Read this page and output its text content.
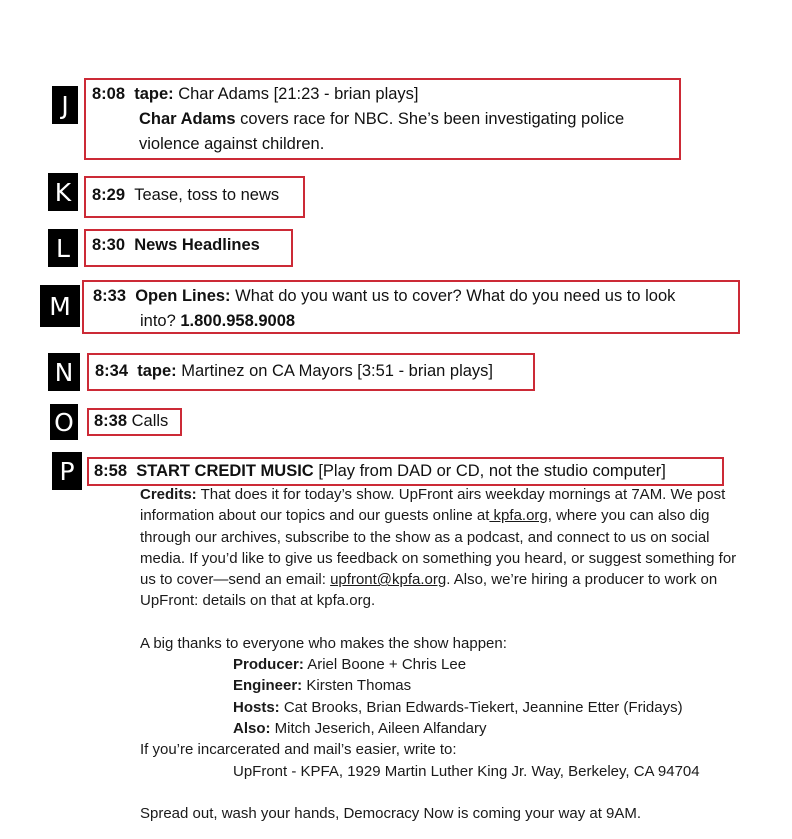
J	8:08 tape: Char Adams [21:23 - brian plays]
Char Adams covers race for NBC. She’s been investigating police
violence against children.
K	8:29 Tease, toss to news
L	8:30 News Headlines
M	8:33 Open Lines: What do you want us to cover? What do you need us to look
into? 1.800.958.9008
N	8:34 tape: Martinez on CA Mayors [3:51 - brian plays]
O 8:38 Calls
P	8:58 START CREDIT MUSIC [Play from DAD or CD, not the studio computer]

Credits: That does it for today’s show. UpFront airs weekday mornings at 7AM. We post information about our topics and our guests online at kpfa.org, where you can also dig through our archives, subscribe to the show as a podcast, and connect to us on social media. If you’d like to give us feedback on something you heard, or suggest something for us to cover—send an email: upfront@kpfa.org. Also, we’re hiring a producer to work on UpFront: details on that at kpfa.org.

A big thanks to everyone who makes the show happen:

Producer: Ariel Boone + Chris Lee

Engineer: Kirsten Thomas

Hosts: Cat Brooks, Brian Edwards-Tiekert, Jeannine Etter (Fridays)

Also: Mitch Jeserich, Aileen Alfandary

If you’re incarcerated and mail’s easier, write to:

UpFront - KPFA, 1929 Martin Luther King Jr. Way, Berkeley, CA 94704

Spread out, wash your hands, Democracy Now is coming your way at 9AM.
